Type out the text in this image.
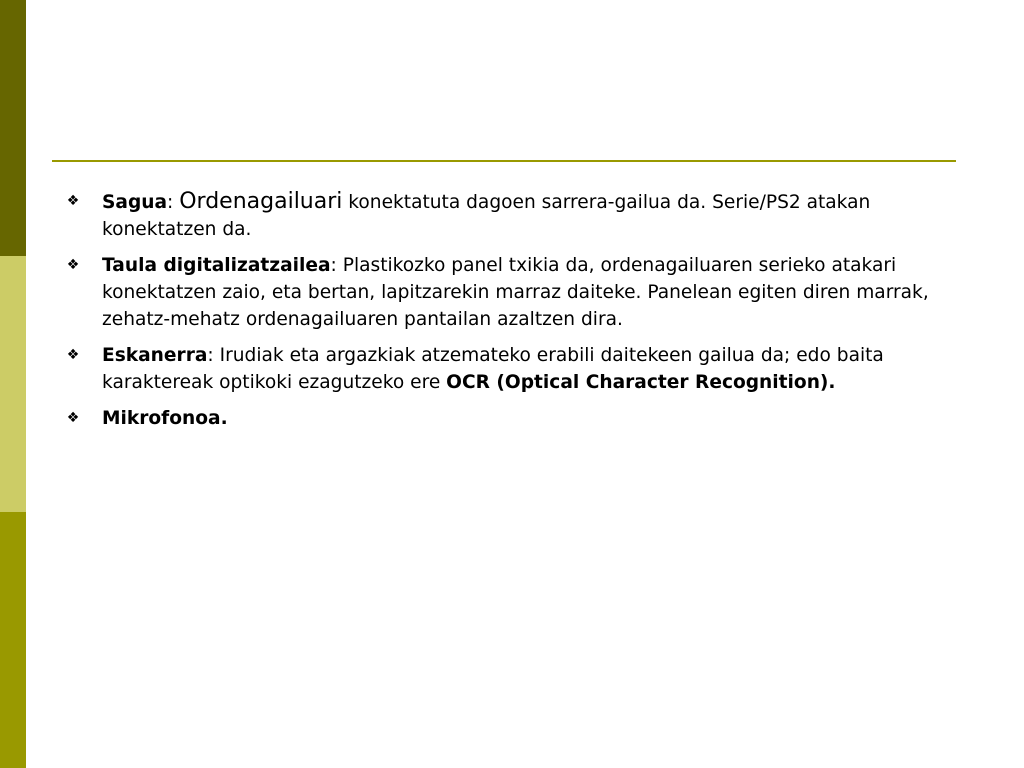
❖ Sagua: Ordenagailuari konektatuta dagoen sarrera-gailua da. Serie/PS2 atakan konektatzen da.
❖ Taula digitalizatzailea: Plastikozko panel txikia da, ordenagailuaren serieko atakari konektatzen zaio, eta bertan, lapitzarekin marraz daiteke. Panelean egiten diren marrak, zehatz-mehatz ordenagailuaren pantailan azaltzen dira.
❖ Eskanerra: Irudiak eta argazkiak atzemateko erabili daitekeen gailua da; edo baita karaktereak optikoki ezagutzeko ere OCR (Optical Character Recognition).
❖ Mikrofonoa.
